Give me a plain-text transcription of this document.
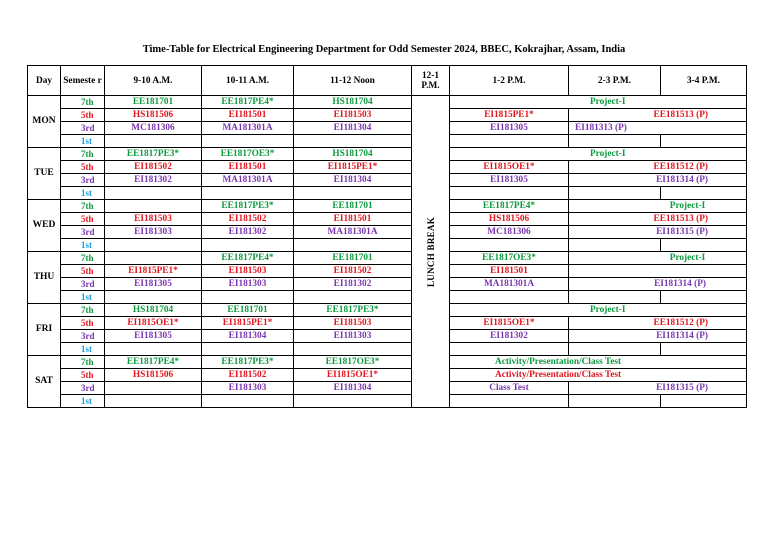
Time-Table for Electrical Engineering Department for Odd Semester 2024, BBEC, Kokrajhar, Assam, India
Day	Semeste r	9-10 A.M.	10-11 A.M.	11-12 Noon	12-1 P.M.	1-2 P.M.	2-3 P.M.	3-4 P.M.
MON	7th	EE181701	EE1817PE4*	HS181704	LUNCH BREAK	Project-I		
	5th	HS181506	EI181501	EI181503		EI1815PE1*	EE181513 (P)	
	3rd	MC181306	MA181301A	EI181304		EI181305	EI181313 (P)	
	1st							
TUE	7th	EE1817PE3*	EE1817OE3*	HS181704		Project-I		
	5th	EI181502	EI181501	EI1815PE1*		EI1815OE1*	EE181512 (P)	
	3rd	EI181302	MA181301A	EI181304		EI181305	EI181314 (P)	
	1st							
WED	7th		EE1817PE3*	EE181701		EE1817PE4*	Project-I	
	5th	EI181503	EI181502	EI181501		HS181506	EE181513 (P)	
	3rd	EI181303	EI181302	MA181301A		MC181306	EI181315 (P)	
	1st							
THU	7th		EE1817PE4*	EE181701		EE1817OE3*	Project-I	
	5th	EI1815PE1*	EI181503	EI181502		EI181501		
	3rd	EI181305	EI181303	EI181302		MA181301A	EI181314 (P)	
	1st							
FRI	7th	HS181704	EE181701	EE1817PE3*		Project-I		
	5th	EI1815OE1*	EI1815PE1*	EI181503		EI1815OE1*	EE181512 (P)	
	3rd	EI181305	EI181304	EI181303		EI181302	EI181314 (P)	
	1st							
SAT	7th	EE1817PE4*	EE1817PE3*	EE1817OE3*		Activity/Presentation/Class Test		
	5th	HS181506	EI181502	EI1815OE1*		Activity/Presentation/Class Test		
	3rd		EI181303	EI181304		Class Test	EI181315 (P)	
	1st							
